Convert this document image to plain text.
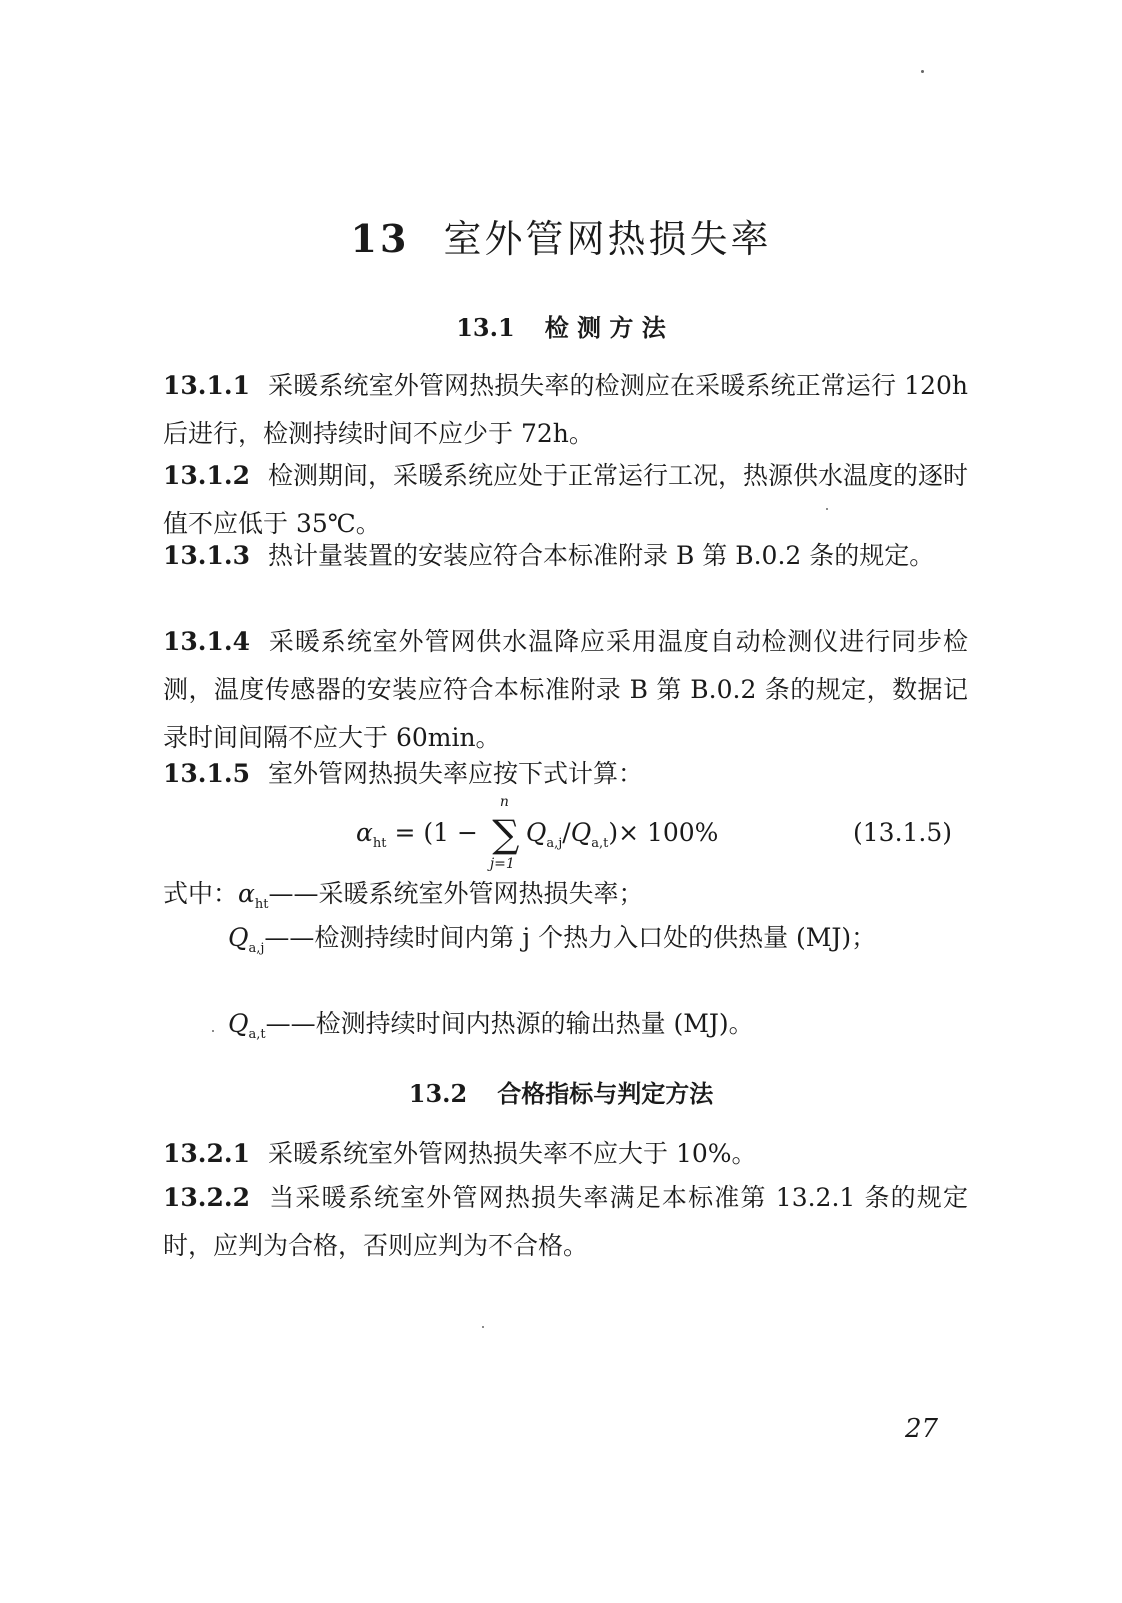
13 室外管网热损失率
13.1 检 测 方 法
13.1.1 采暖系统室外管网热损失率的检测应在采暖系统正常运行 120h 后进行，检测持续时间不应少于 72h。
13.1.2 检测期间，采暖系统应处于正常运行工况，热源供水温度的逐时值不应低于 35℃。
13.1.3 热计量装置的安装应符合本标准附录 B 第 B.0.2 条的规定。
13.1.4 采暖系统室外管网供水温降应采用温度自动检测仪进行同步检测，温度传感器的安装应符合本标准附录 B 第 B.0.2 条的规定，数据记录时间间隔不应大于 60min。
13.1.5 室外管网热损失率应按下式计算：
$\alpha_{ht} = (1$ − ∑
n
j=1
$Q_{a,j}/Q_{a,t})\times 100\%$	(13.1.5)
式中：$\alpha_{ht}——$采暖系统室外管网热损失率；
$Q_{a,j}——$检测持续时间内第 j 个热力入口处的供热量 (MJ)；
$Q_{a,t}——$检测持续时间内热源的输出热量 (MJ)。
13.2 合格指标与判定方法
13.2.1 采暖系统室外管网热损失率不应大于 10%。
13.2.2 当采暖系统室外管网热损失率满足本标准第 13.2.1 条的规定时，应判为合格，否则应判为不合格。
27
